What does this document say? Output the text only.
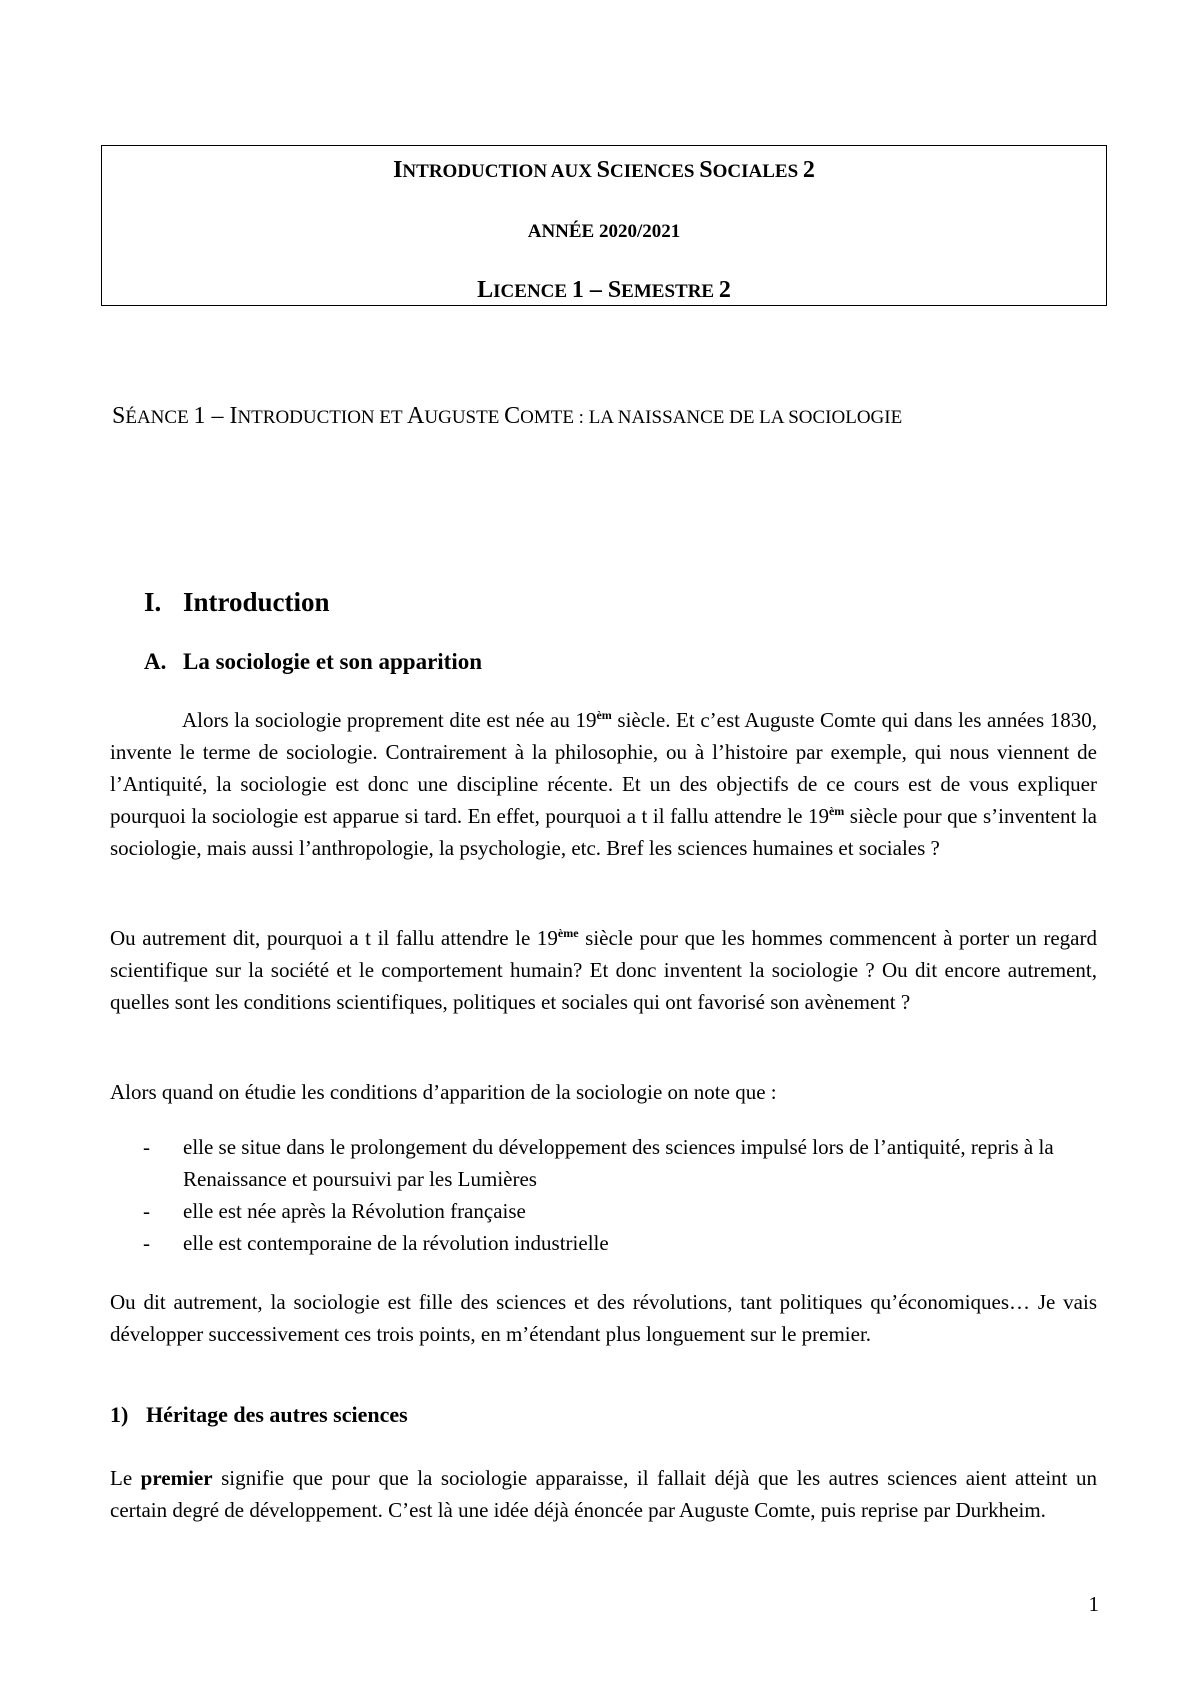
INTRODUCTION AUX SCIENCES SOCIALES 2
ANNÉE 2020/2021
LICENCE 1 – SEMESTRE 2
SÉANCE 1 – INTRODUCTION ET AUGUSTE COMTE : LA NAISSANCE DE LA SOCIOLOGIE
I. Introduction
A. La sociologie et son apparition

Alors la sociologie proprement dite est née au $19^{èm}$ siècle. Et c’est Auguste Comte qui dans les années 1830, invente le terme de sociologie. Contrairement à la philosophie, ou à l’histoire par exemple, qui nous viennent de l’Antiquité, la sociologie est donc une discipline récente. Et un des objectifs de ce cours est de vous expliquer pourquoi la sociologie est apparue si tard. En effet, pourquoi a t il fallu attendre le $19^{èm}$ siècle pour que s’inventent la sociologie, mais aussi l’anthropologie, la psychologie, etc. Bref les sciences humaines et sociales ?

Ou autrement dit, pourquoi a t il fallu attendre le 19ème siècle pour que les hommes commencent à porter un regard scientifique sur la société et le comportement humain? Et donc inventent la sociologie ? Ou dit encore autrement, quelles sont les conditions scientifiques, politiques et sociales qui ont favorisé son avènement ?

Alors quand on étudie les conditions d’apparition de la sociologie on note que :

- elle se situe dans le prolongement du développement des sciences impulsé lors de l’antiquité, repris à la Renaissance et poursuivi par les Lumières
- elle est née après la Révolution française
- elle est contemporaine de la révolution industrielle

Ou dit autrement, la sociologie est fille des sciences et des révolutions, tant politiques qu’économiques… Je vais développer successivement ces trois points, en m’étendant plus longuement sur le premier.

1) Héritage des autres sciences

Le premier signifie que pour que la sociologie apparaisse, il fallait déjà que les autres sciences aient atteint un certain degré de développement. C’est là une idée déjà énoncée par Auguste Comte, puis reprise par Durkheim.

1
